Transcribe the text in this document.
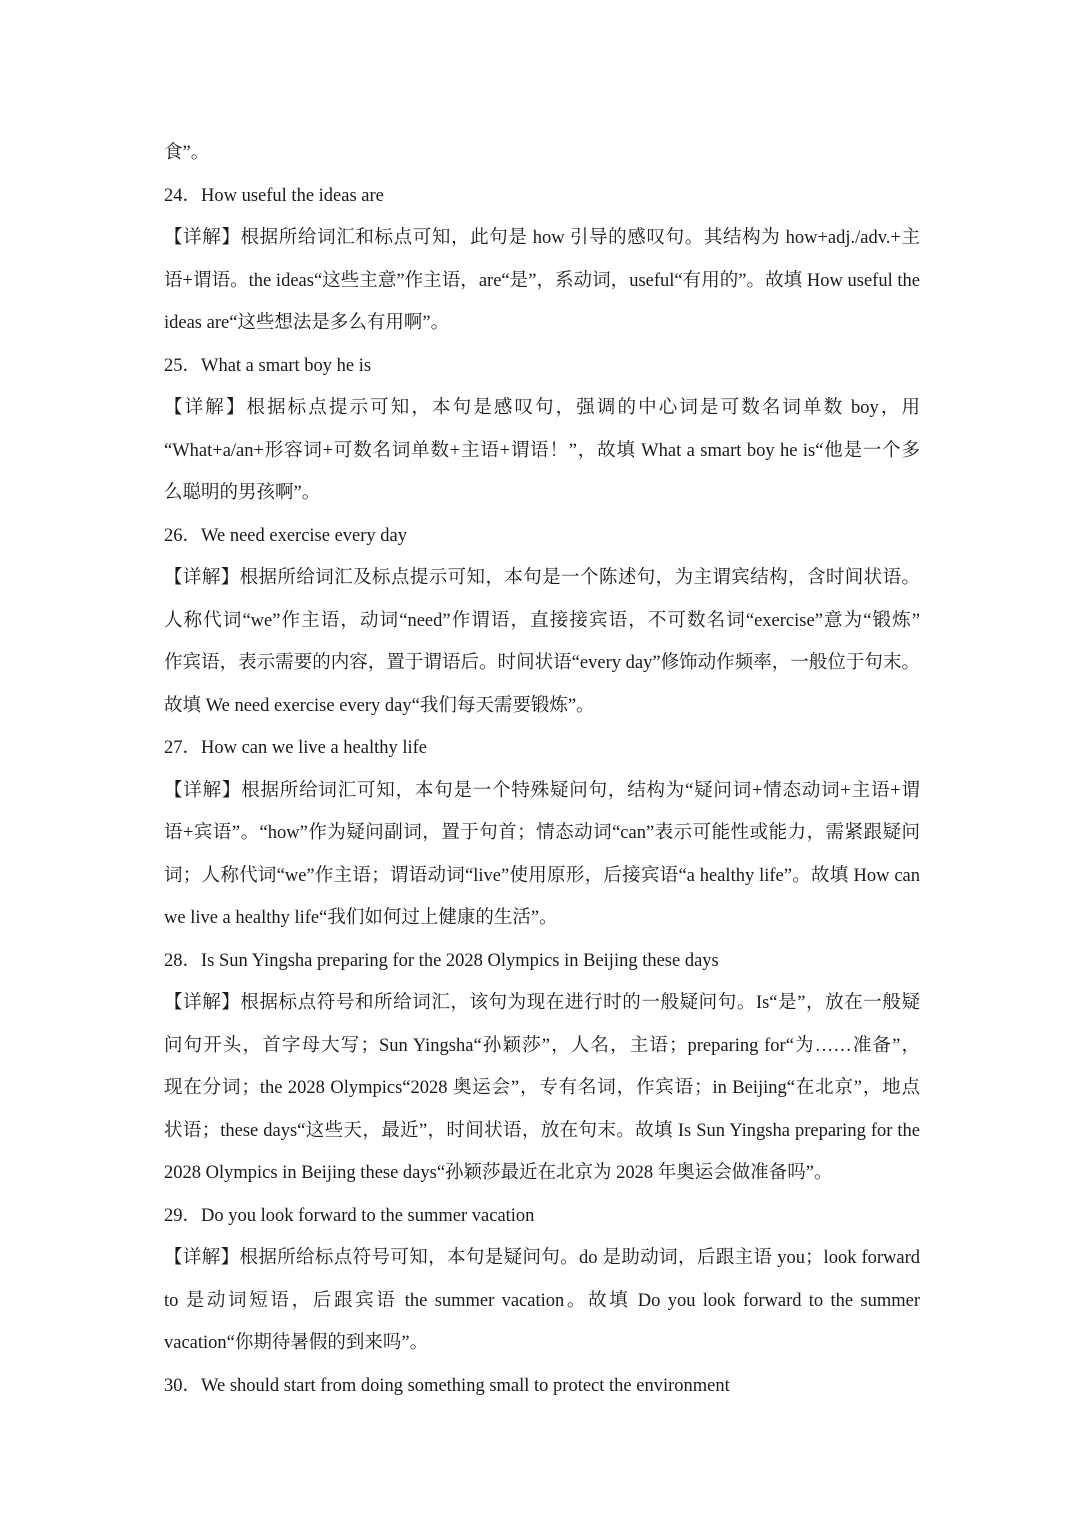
食”。
24．How useful the ideas are
【详解】根据所给词汇和标点可知，此句是 how 引导的感叹句。其结构为 how+adj./adv.+主
语+谓语。the ideas“这些主意”作主语，are“是”，系动词，useful“有用的”。故填 How useful the
ideas are“这些想法是多么有用啊”。
25．What a smart boy he is
【详解】根据标点提示可知，本句是感叹句，强调的中心词是可数名词单数 boy，用
“What+a/an+形容词+可数名词单数+主语+谓语！”，故填 What a smart boy he is“他是一个多
么聪明的男孩啊”。
26．We need exercise every day
【详解】根据所给词汇及标点提示可知，本句是一个陈述句，为主谓宾结构，含时间状语。
人称代词“we”作主语，动词“need”作谓语，直接接宾语，不可数名词“exercise”意为“锻炼”
作宾语，表示需要的内容，置于谓语后。时间状语“every day”修饰动作频率，一般位于句末。
故填 We need exercise every day“我们每天需要锻炼”。
27．How can we live a healthy life
【详解】根据所给词汇可知，本句是一个特殊疑问句，结构为“疑问词+情态动词+主语+谓
语+宾语”。“how”作为疑问副词，置于句首；情态动词“can”表示可能性或能力，需紧跟疑问
词；人称代词“we”作主语；谓语动词“live”使用原形，后接宾语“a healthy life”。故填 How can
we live a healthy life“我们如何过上健康的生活”。
28．Is Sun Yingsha preparing for the 2028 Olympics in Beijing these days
【详解】根据标点符号和所给词汇，该句为现在进行时的一般疑问句。Is“是”，放在一般疑
问句开头，首字母大写；Sun Yingsha“孙颖莎”，人名，主语；preparing for“为……准备”，
现在分词；the 2028 Olympics“2028 奥运会”，专有名词，作宾语；in Beijing“在北京”，地点
状语；these days“这些天，最近”，时间状语，放在句末。故填 Is Sun Yingsha preparing for the
2028 Olympics in Beijing these days“孙颖莎最近在北京为 2028 年奥运会做准备吗”。
29．Do you look forward to the summer vacation
【详解】根据所给标点符号可知，本句是疑问句。do 是助动词，后跟主语 you；look forward
to 是动词短语，后跟宾语 the summer vacation。故填 Do you look forward to the summer
vacation“你期待暑假的到来吗”。
30．We should start from doing something small to protect the environment
